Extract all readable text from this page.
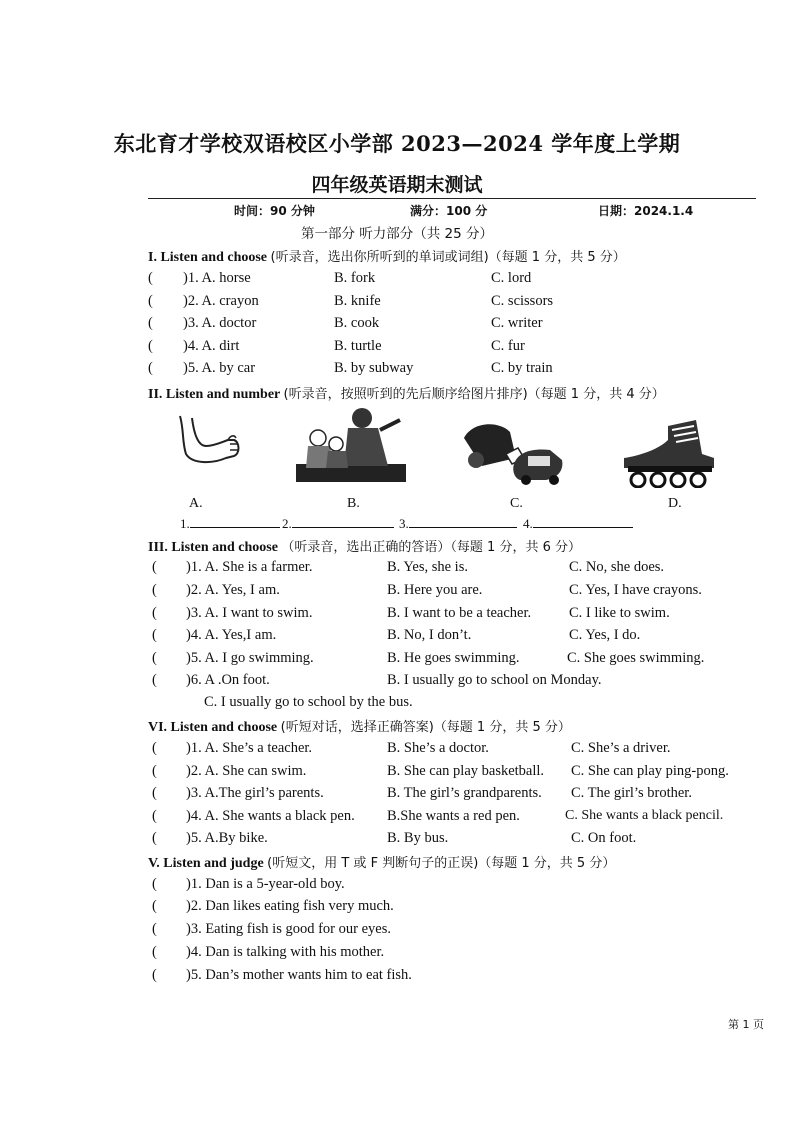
东北育才学校双语校区小学部 2023—2024 学年度上学期
四年级英语期末测试
时间：90 分钟	满分：100 分	日期：2024.1.4
第一部分 听力部分（共 25 分）
I. Listen and choose (听录音，选出你所听到的单词或词组)（每题 1 分，共 5 分）
( )1. A. horse	B. fork	C. lord
( )2. A. crayon	B. knife	C. scissors
( )3. A. doctor	B. cook	C. writer
( )4. A. dirt	B. turtle	C. fur
( )5. A. by car	B. by subway	C. by train
II. Listen and number (听录音，按照听到的先后顺序给图片排序)（每题 1 分，共 4 分）
A.	B.	C.	D.
1.	2.	3.	4.
III. Listen and choose （听录音，选出正确的答语）（每题 1 分，共 6 分）
( )1. A. She is a farmer.	B. Yes, she is.	C. No, she does.
( )2. A. Yes, I am.	B. Here you are.	C. Yes, I have crayons.
( )3. A. I want to swim.	B. I want to be a teacher.	C. I like to swim.
( )4. A. Yes,I am.	B. No, I don’t.	C. Yes, I do.
( )5. A. I go swimming.	B. He goes swimming.	C. She goes swimming.
( )6. A .On foot.	B. I usually go to school on Monday.
C. I usually go to school by the bus.
VI. Listen and choose (听短对话，选择正确答案)（每题 1 分，共 5 分）
( )1. A. She’s a teacher.	B. She’s a doctor.	C. She’s a driver.
( )2. A. She can swim.	B. She can play basketball. C. She can play ping-pong.
( )3. A.The girl’s parents.	B. The girl’s grandparents. C. The girl’s brother.
( )4. A. She wants a black pen. B.She wants a red pen.	C. She wants a black pencil.
( )5. A.By bike.	B. By bus.	C. On foot.
V. Listen and judge (听短文，用 T 或 F 判断句子的正误)（每题 1 分，共 5 分）
( )1. Dan is a 5-year-old boy.
( )2. Dan likes eating fish very much.
( )3. Eating fish is good for our eyes.
( )4. Dan is talking with his mother.
( )5. Dan’s mother wants him to eat fish.
第 1 页
